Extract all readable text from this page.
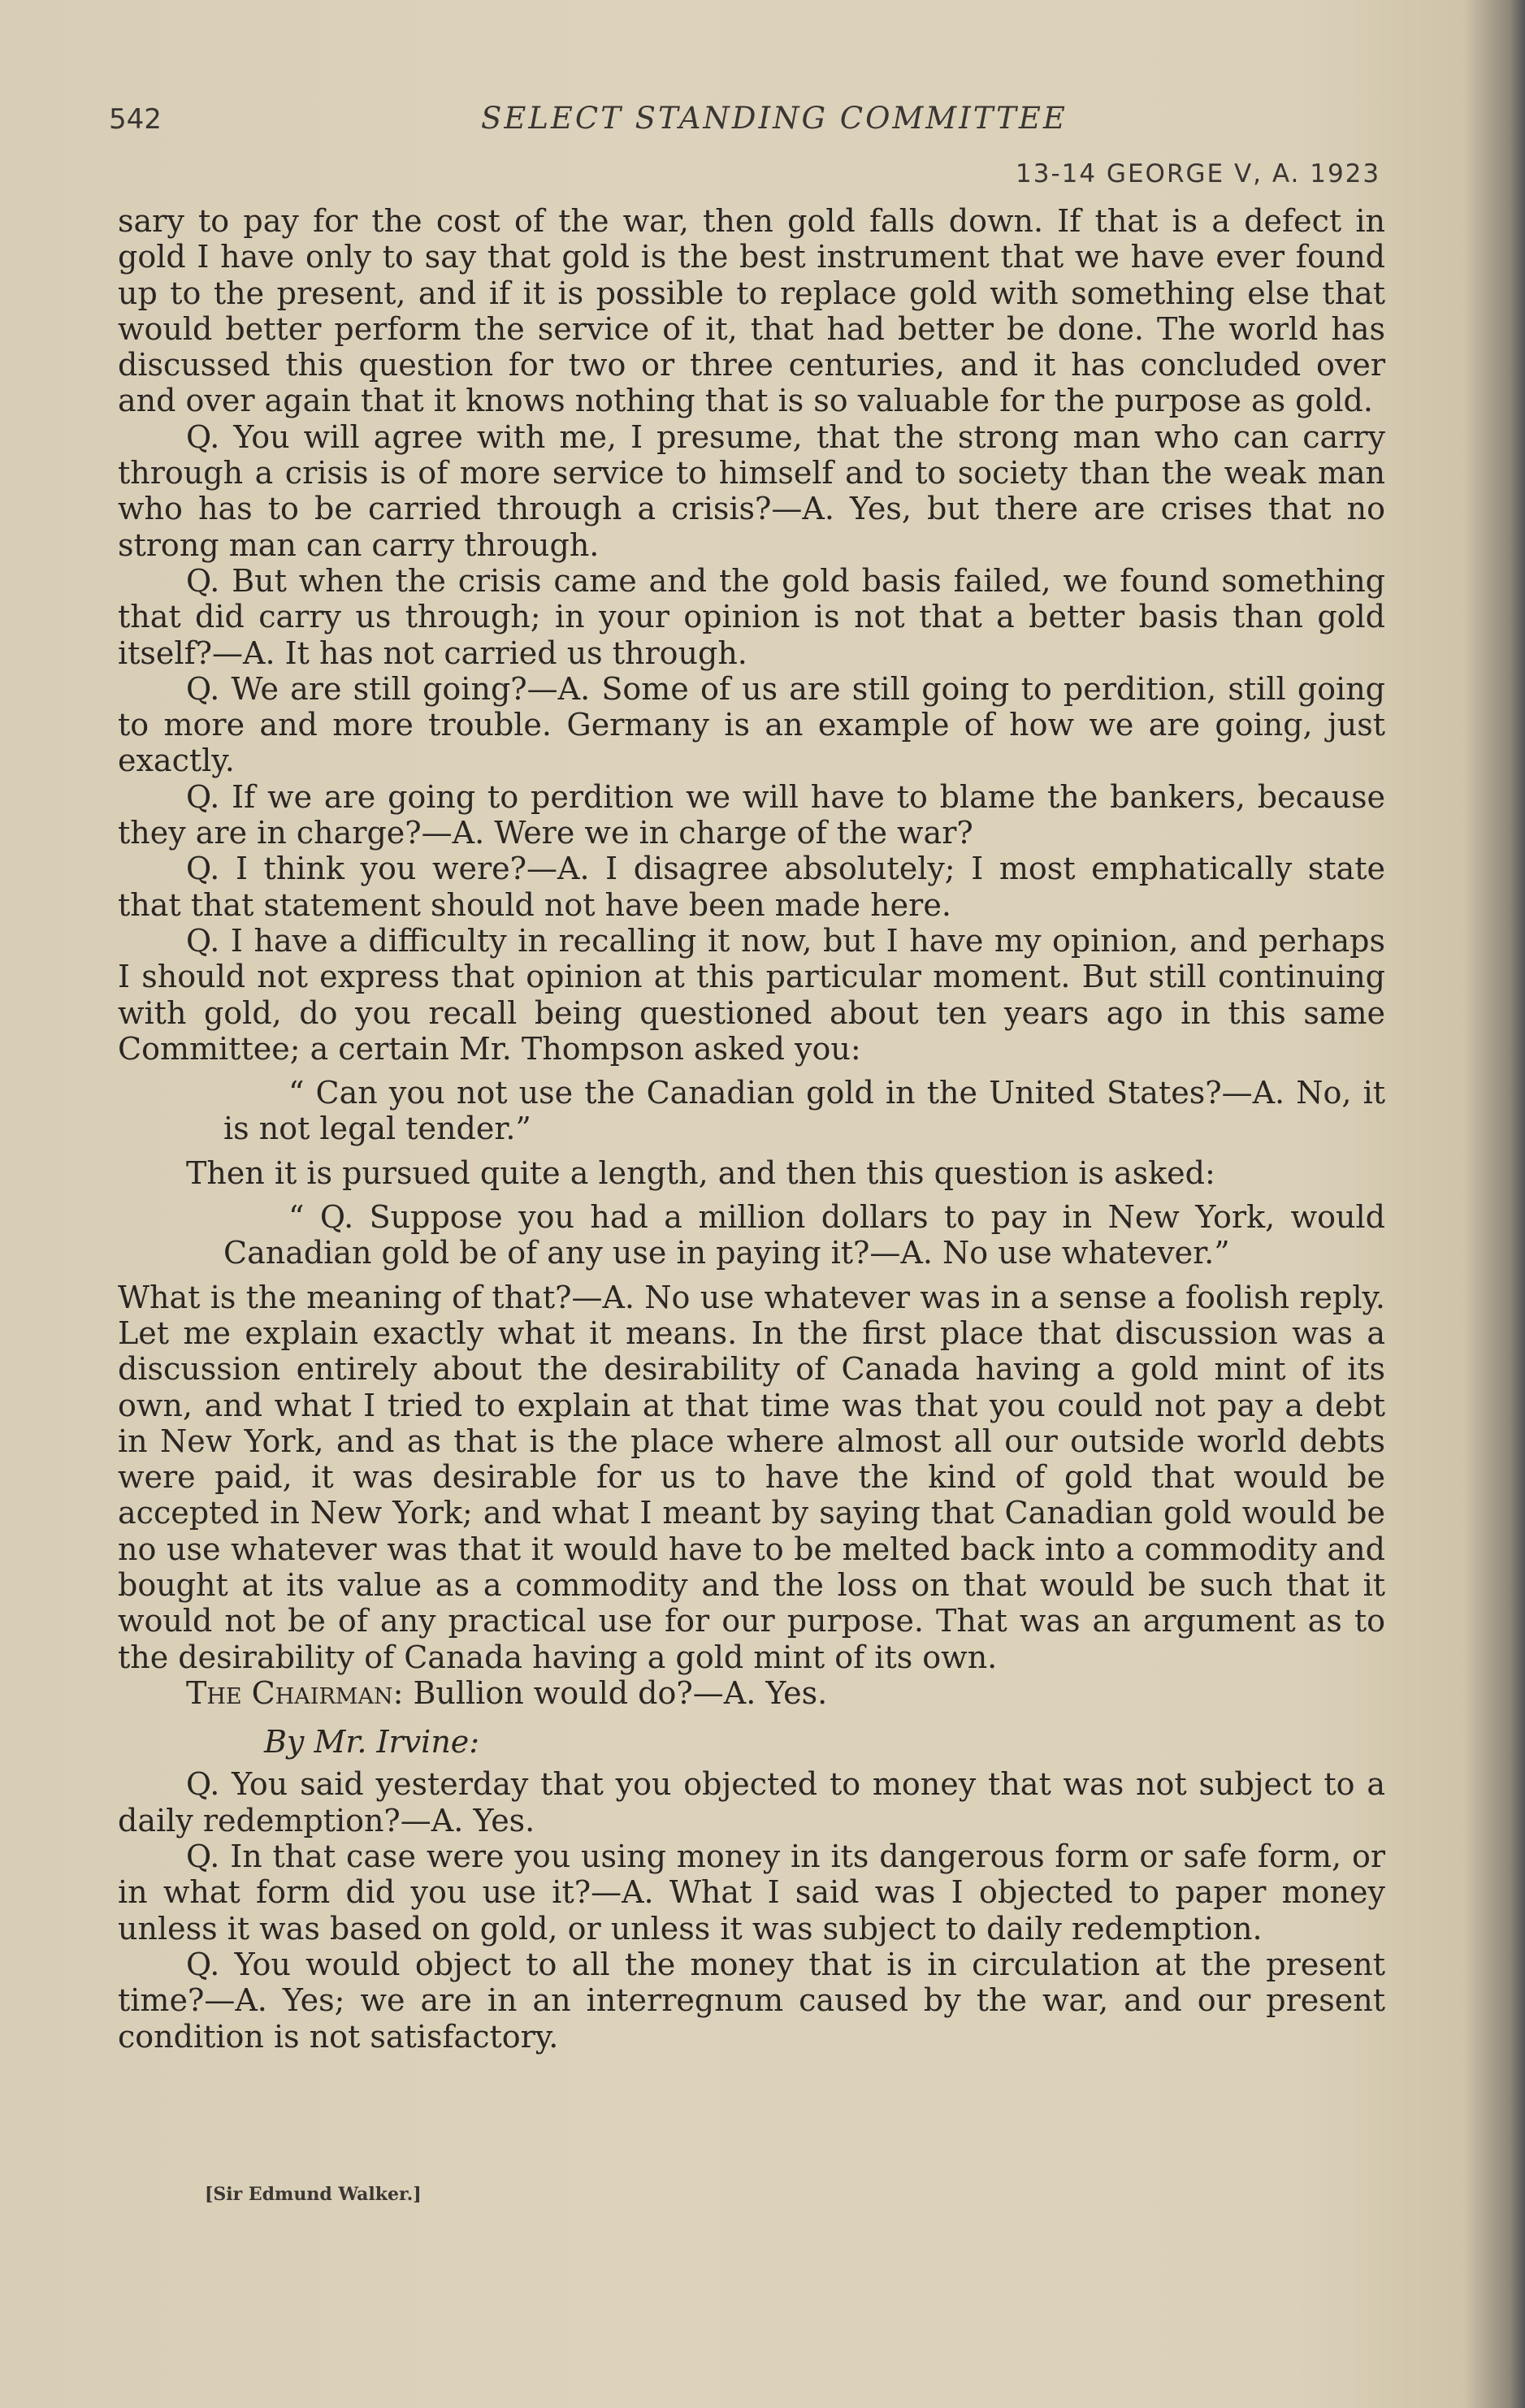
542	SELECT STANDING COMMITTEE
13-14 GEORGE V, A. 1923

sary to pay for the cost of the war, then gold falls down. If that is a defect in gold I have only to say that gold is the best instrument that we have ever found up to the present, and if it is possible to replace gold with something else that would better perform the service of it, that had better be done. The world has discussed this question for two or three centuries, and it has concluded over and over again that it knows nothing that is so valuable for the purpose as gold.

Q. You will agree with me, I presume, that the strong man who can carry through a crisis is of more service to himself and to society than the weak man who has to be carried through a crisis?—A. Yes, but there are crises that no strong man can carry through.

Q. But when the crisis came and the gold basis failed, we found something that did carry us through; in your opinion is not that a better basis than gold itself?—A. It has not carried us through.

Q. We are still going?—A. Some of us are still going to perdition, still going to more and more trouble. Germany is an example of how we are going, just exactly.

Q. If we are going to perdition we will have to blame the bankers, because they are in charge?—A. Were we in charge of the war?

Q. I think you were?—A. I disagree absolutely; I most emphatically state that that statement should not have been made here.

Q. I have a difficulty in recalling it now, but I have my opinion, and perhaps I should not express that opinion at this particular moment. But still continuing with gold, do you recall being questioned about ten years ago in this same Committee; a certain Mr. Thompson asked you:

“ Can you not use the Canadian gold in the United States?—A. No, it is not legal tender.”

Then it is pursued quite a length, and then this question is asked:

“ Q. Suppose you had a million dollars to pay in New York, would Canadian gold be of any use in paying it?—A. No use whatever.”

What is the meaning of that?—A. No use whatever was in a sense a foolish reply. Let me explain exactly what it means. In the first place that discussion was a discussion entirely about the desirability of Canada having a gold mint of its own, and what I tried to explain at that time was that you could not pay a debt in New York, and as that is the place where almost all our outside world debts were paid, it was desirable for us to have the kind of gold that would be accepted in New York; and what I meant by saying that Canadian gold would be no use whatever was that it would have to be melted back into a commodity and bought at its value as a commodity and the loss on that would be such that it would not be of any practical use for our purpose. That was an argument as to the desirability of Canada having a gold mint of its own.

The Chairman: Bullion would do?—A. Yes.

By Mr. Irvine:

Q. You said yesterday that you objected to money that was not subject to a daily redemption?—A. Yes.

Q. In that case were you using money in its dangerous form or safe form, or in what form did you use it?—A. What I said was I objected to paper money unless it was based on gold, or unless it was subject to daily redemption.

Q. You would object to all the money that is in circulation at the present time?—A. Yes; we are in an interregnum caused by the war, and our present condition is not satisfactory.

[Sir Edmund Walker.]
